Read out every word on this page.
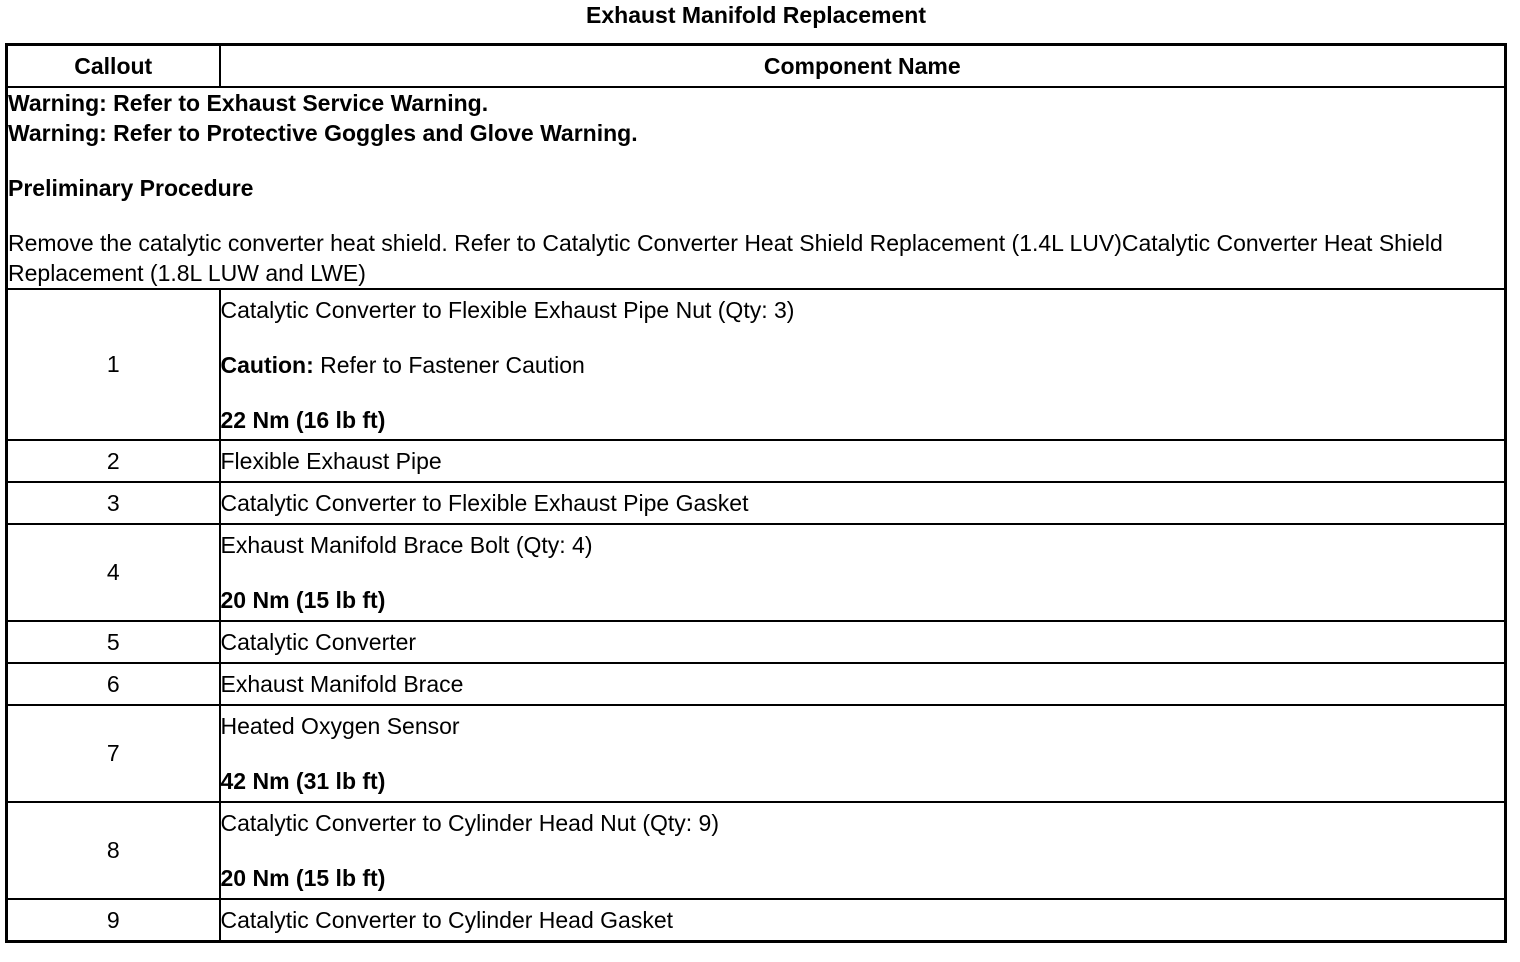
Exhaust Manifold Replacement
Callout	Component Name

Warning: Refer to Exhaust Service Warning.

Warning: Refer to Protective Goggles and Glove Warning.

Preliminary Procedure

Remove the catalytic converter heat shield. Refer to Catalytic Converter Heat Shield Replacement (1.4L LUV)Catalytic Converter Heat Shield Replacement (1.8L LUW and LWE)	

1	Catalytic Converter to Flexible Exhaust Pipe Nut (Qty: 3)

Caution: Refer to Fastener Caution

22 Nm (16 lb ft)

2	Flexible Exhaust Pipe
3	Catalytic Converter to Flexible Exhaust Pipe Gasket
4	Exhaust Manifold Brace Bolt (Qty: 4)

20 Nm (15 lb ft)

5	Catalytic Converter
6	Exhaust Manifold Brace
7	Heated Oxygen Sensor

42 Nm (31 lb ft)

8	Catalytic Converter to Cylinder Head Nut (Qty: 9)

20 Nm (15 lb ft)

9	Catalytic Converter to Cylinder Head Gasket
